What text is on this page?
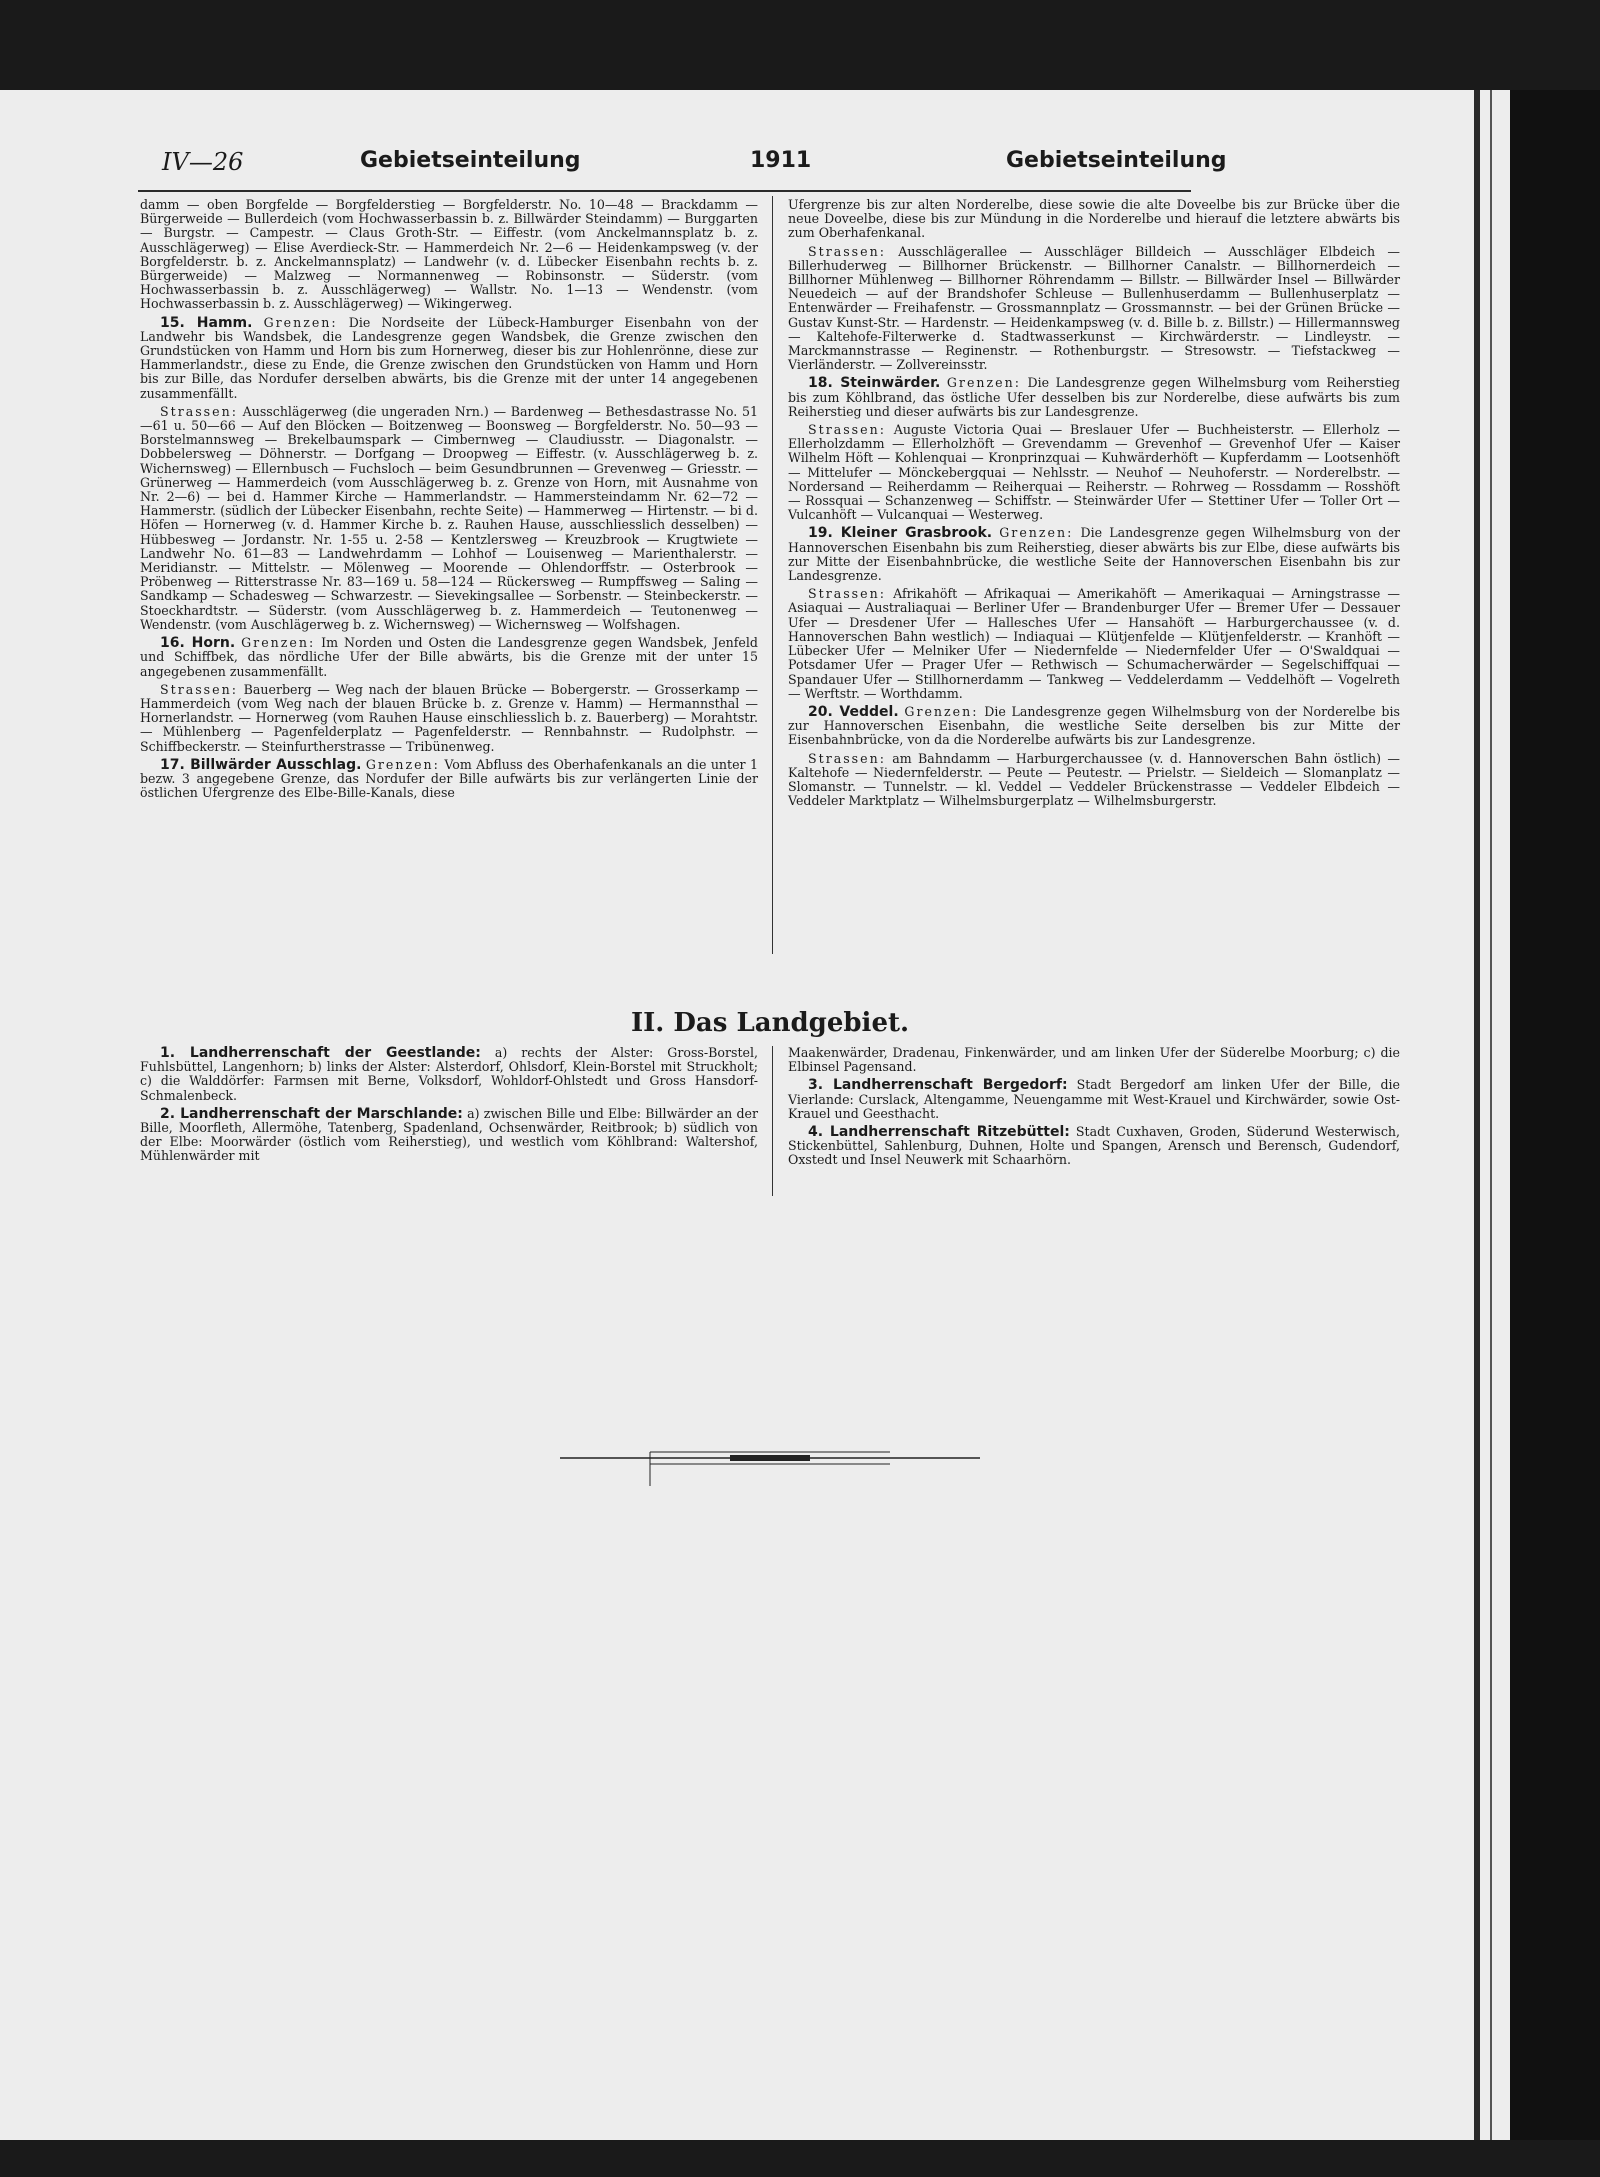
IV—26	Gebietseinteilung	1911	Gebietseinteilung

damm — oben Borgfelde — Borgfelderstieg — Borgfelderstr. No. 10—48 — Brackdamm — Bürgerweide — Bullerdeich (vom Hochwasserbassin b. z. Billwärder Steindamm) — Burggarten — Burgstr. — Campestr. — Claus Groth-Str. — Eiffestr. (vom Anckelmannsplatz b. z. Ausschlägerweg) — Elise Averdieck-Str. — Hammerdeich Nr. 2—6 — Heidenkampsweg (v. der Borgfelderstr. b. z. Anckelmannsplatz) — Landwehr (v. d. Lübecker Eisenbahn rechts b. z. Bürgerweide) — Malzweg — Normannenweg — Robinsonstr. — Süderstr. (vom Hochwasserbassin b. z. Ausschlägerweg) — Wallstr. No. 1—13 — Wendenstr. (vom Hochwasserbassin b. z. Ausschlägerweg) — Wikingerweg.

15. Hamm. Grenzen: Die Nordseite der Lübeck-Hamburger Eisenbahn von der Landwehr bis Wandsbek, die Landesgrenze gegen Wandsbek, die Grenze zwischen den Grundstücken von Hamm und Horn bis zum Hornerweg, dieser bis zur Hohlenrönne, diese zur Hammerlandstr., diese zu Ende, die Grenze zwischen den Grundstücken von Hamm und Horn bis zur Bille, das Nordufer derselben abwärts, bis die Grenze mit der unter 14 angegebenen zusammenfällt.

Strassen: Ausschlägerweg (die ungeraden Nrn.) — Bardenweg — Bethesdastrasse No. 51—61 u. 50—66 — Auf den Blöcken — Boitzenweg — Boonsweg — Borgfelderstr. No. 50—93 — Borstelmannsweg — Brekelbaumspark — Cimbernweg — Claudiusstr. — Diagonalstr. — Dobbelersweg — Döhnerstr. — Dorfgang — Droopweg — Eiffestr. (v. Ausschlägerweg b. z. Wichernsweg) — Ellernbusch — Fuchsloch — beim Gesundbrunnen — Grevenweg — Griesstr. — Grünerweg — Hammerdeich (vom Ausschlägerweg b. z. Grenze von Horn, mit Ausnahme von Nr. 2—6) — bei d. Hammer Kirche — Hammerlandstr. — Hammersteindamm Nr. 62—72 — Hammerstr. (südlich der Lübecker Eisenbahn, rechte Seite) — Hammerweg — Hirtenstr. — bi d. Höfen — Hornerweg (v. d. Hammer Kirche b. z. Rauhen Hause, ausschliesslich desselben) — Hübbesweg — Jordanstr. Nr. 1-55 u. 2-58 — Kentzlersweg — Kreuzbrook — Krugtwiete — Landwehr No. 61—83 — Landwehrdamm — Lohhof — Louisenweg — Marienthalerstr. — Meridianstr. — Mittelstr. — Mölenweg — Moorende — Ohlendorffstr. — Osterbrook — Pröbenweg — Ritterstrasse Nr. 83—169 u. 58—124 — Rückersweg — Rumpffsweg — Saling — Sandkamp — Schadesweg — Schwarzestr. — Sievekingsallee — Sorbenstr. — Steinbeckerstr. — Stoeckhardtstr. — Süderstr. (vom Ausschlägerweg b. z. Hammerdeich — Teutonenweg — Wendenstr. (vom Auschlägerweg b. z. Wichernsweg) — Wichernsweg — Wolfshagen.

16. Horn. Grenzen: Im Norden und Osten die Landesgrenze gegen Wandsbek, Jenfeld und Schiffbek, das nördliche Ufer der Bille abwärts, bis die Grenze mit der unter 15 angegebenen zusammenfällt.

Strassen: Bauerberg — Weg nach der blauen Brücke — Bobergerstr. — Grosserkamp — Hammerdeich (vom Weg nach der blauen Brücke b. z. Grenze v. Hamm) — Hermannsthal — Hornerlandstr. — Hornerweg (vom Rauhen Hause einschliesslich b. z. Bauerberg) — Morahtstr. — Mühlenberg — Pagenfelderplatz — Pagenfelderstr. — Rennbahnstr. — Rudolphstr. — Schiffbeckerstr. — Steinfurtherstrasse — Tribünenweg.

17. Billwärder Ausschlag. Grenzen: Vom Abfluss des Oberhafenkanals an die unter 1 bezw. 3 angegebene Grenze, das Nordufer der Bille aufwärts bis zur verlängerten Linie der östlichen Ufergrenze des Elbe-Bille-Kanals, diese

Ufergrenze bis zur alten Norderelbe, diese sowie die alte Doveelbe bis zur Brücke über die neue Doveelbe, diese bis zur Mündung in die Norderelbe und hierauf die letztere abwärts bis zum Oberhafenkanal.

Strassen: Ausschlägerallee — Ausschläger Billdeich — Ausschläger Elbdeich — Billerhuderweg — Billhorner Brückenstr. — Billhorner Canalstr. — Billhornerdeich — Billhorner Mühlenweg — Billhorner Röhrendamm — Billstr. — Billwärder Insel — Billwärder Neuedeich — auf der Brandshofer Schleuse — Bullenhuserdamm — Bullenhuserplatz — Entenwärder — Freihafenstr. — Grossmannplatz — Grossmannstr. — bei der Grünen Brücke — Gustav Kunst-Str. — Hardenstr. — Heidenkampsweg (v. d. Bille b. z. Billstr.) — Hillermannsweg — Kaltehofe-Filterwerke d. Stadtwasserkunst — Kirchwärderstr. — Lindleystr. — Marckmannstrasse — Reginenstr. — Rothenburgstr. — Stresowstr. — Tiefstackweg — Vierländerstr. — Zollvereinsstr.

18. Steinwärder. Grenzen: Die Landesgrenze gegen Wilhelmsburg vom Reiherstieg bis zum Köhlbrand, das östliche Ufer desselben bis zur Norderelbe, diese aufwärts bis zum Reiherstieg und dieser aufwärts bis zur Landesgrenze.

Strassen: Auguste Victoria Quai — Breslauer Ufer — Buchheisterstr. — Ellerholz — Ellerholzdamm — Ellerholzhöft — Grevendamm — Grevenhof — Grevenhof Ufer — Kaiser Wilhelm Höft — Kohlenquai — Kronprinzquai — Kuhwärderhöft — Kupferdamm — Lootsenhöft — Mittelufer — Mönckebergquai — Nehlsstr. — Neuhof — Neuhoferstr. — Norderelbstr. — Nordersand — Reiherdamm — Reiherquai — Reiherstr. — Rohrweg — Rossdamm — Rosshöft — Rossquai — Schanzenweg — Schiffstr. — Steinwärder Ufer — Stettiner Ufer — Toller Ort — Vulcanhöft — Vulcanquai — Westerweg.

19. Kleiner Grasbrook. Grenzen: Die Landesgrenze gegen Wilhelmsburg von der Hannoverschen Eisenbahn bis zum Reiherstieg, dieser abwärts bis zur Elbe, diese aufwärts bis zur Mitte der Eisenbahnbrücke, die westliche Seite der Hannoverschen Eisenbahn bis zur Landesgrenze.

Strassen: Afrikahöft — Afrikaquai — Amerikahöft — Amerikaquai — Arningstrasse — Asiaquai — Australiaquai — Berliner Ufer — Brandenburger Ufer — Bremer Ufer — Dessauer Ufer — Dresdener Ufer — Hallesches Ufer — Hansahöft — Harburgerchaussee (v. d. Hannoverschen Bahn westlich) — Indiaquai — Klütjenfelde — Klütjenfelderstr. — Kranhöft — Lübecker Ufer — Melniker Ufer — Niedernfelde — Niedernfelder Ufer — O'Swaldquai — Potsdamer Ufer — Prager Ufer — Rethwisch — Schumacherwärder — Segelschiffquai — Spandauer Ufer — Stillhornerdamm — Tankweg — Veddelerdamm — Veddelhöft — Vogelreth — Werftstr. — Worthdamm.

20. Veddel. Grenzen: Die Landesgrenze gegen Wilhelmsburg von der Norderelbe bis zur Hannoverschen Eisenbahn, die westliche Seite derselben bis zur Mitte der Eisenbahnbrücke, von da die Norderelbe aufwärts bis zur Landesgrenze.

Strassen: am Bahndamm — Harburgerchaussee (v. d. Hannoverschen Bahn östlich) — Kaltehofe — Niedernfelderstr. — Peute — Peutestr. — Prielstr. — Sieldeich — Slomanplatz — Slomanstr. — Tunnelstr. — kl. Veddel — Veddeler Brückenstrasse — Veddeler Elbdeich — Veddeler Marktplatz — Wilhelmsburgerplatz — Wilhelmsburgerstr.

II. Das Landgebiet.

1. Landherrenschaft der Geestlande: a) rechts der Alster: Gross-Borstel, Fuhlsbüttel, Langenhorn; b) links der Alster: Alsterdorf, Ohlsdorf, Klein-Borstel mit Struckholt; c) die Walddörfer: Farmsen mit Berne, Volksdorf, Wohldorf-Ohlstedt und Gross Hansdorf-Schmalenbeck.

2. Landherrenschaft der Marschlande: a) zwischen Bille und Elbe: Billwärder an der Bille, Moorfleth, Allermöhe, Tatenberg, Spadenland, Ochsenwärder, Reitbrook; b) südlich von der Elbe: Moorwärder (östlich vom Reiherstieg), und westlich vom Köhlbrand: Waltershof, Mühlenwärder mit

Maakenwärder, Dradenau, Finkenwärder, und am linken Ufer der Süderelbe Moorburg; c) die Elbinsel Pagensand.

3. Landherrenschaft Bergedorf: Stadt Bergedorf am linken Ufer der Bille, die Vierlande: Curslack, Altengamme, Neuengamme mit West-Krauel und Kirchwärder, sowie Ost-Krauel und Geesthacht.

4. Landherrenschaft Ritzebüttel: Stadt Cuxhaven, Groden, Süderund Westerwisch, Stickenbüttel, Sahlenburg, Duhnen, Holte und Spangen, Arensch und Berensch, Gudendorf, Oxstedt und Insel Neuwerk mit Schaarhörn.
